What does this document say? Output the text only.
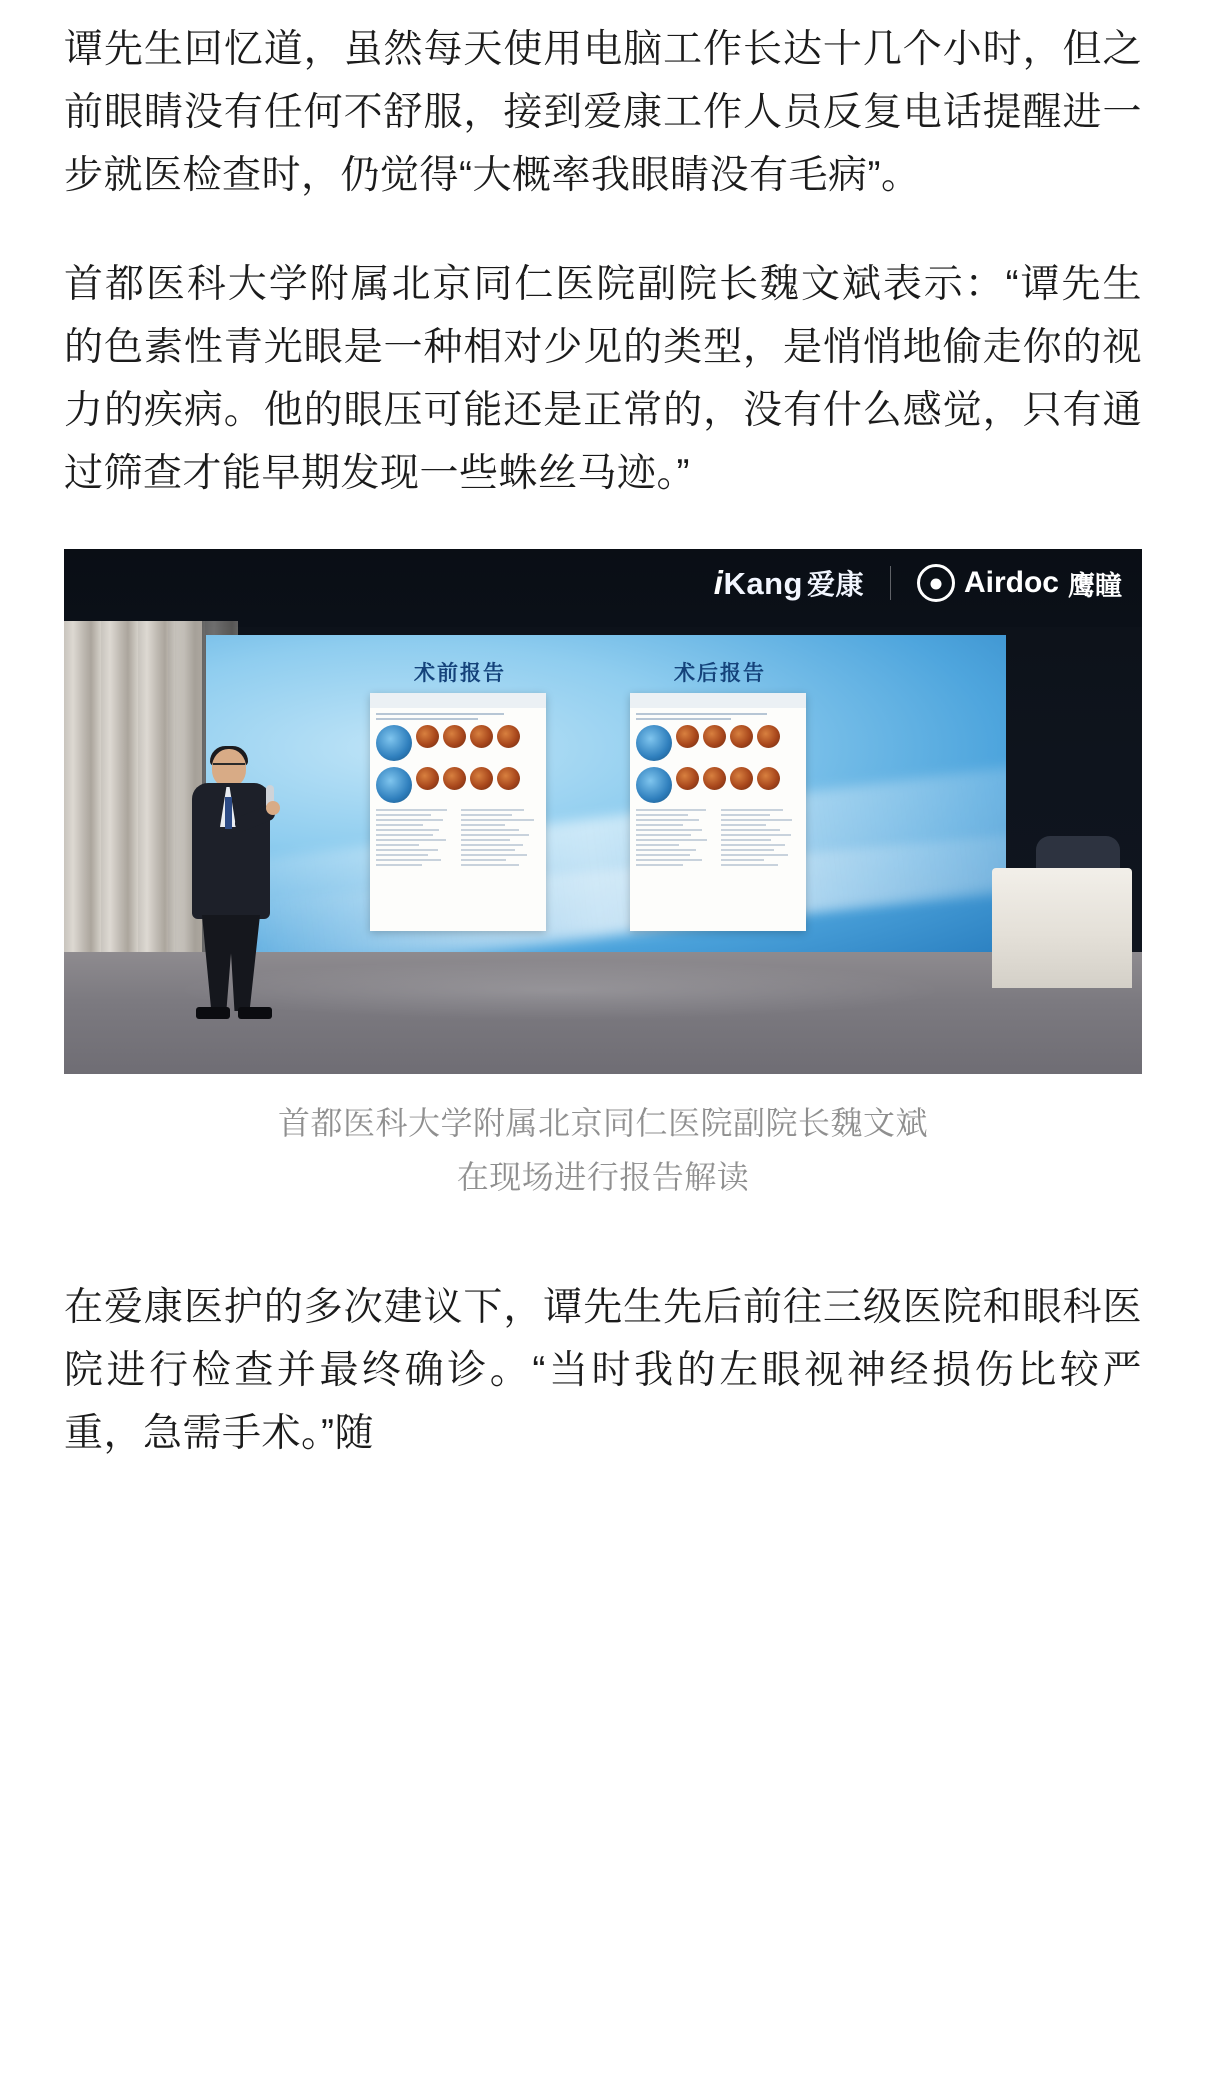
谭先生回忆道，虽然每天使用电脑工作长达十几个小时，但之前眼睛没有任何不舒服，接到爱康工作人员反复电话提醒进一步就医检查时，仍觉得“大概率我眼睛没有毛病”。

首都医科大学附属北京同仁医院副院长魏文斌表示：“谭先生的色素性青光眼是一种相对少见的类型，是悄悄地偷走你的视力的疾病。他的眼压可能还是正常的，没有什么感觉，只有通过筛查才能早期发现一些蛛丝马迹。”

i Kang 爱康	Airdoc 鹰瞳
术前报告	术后报告
首都医科大学附属北京同仁医院副院长魏文斌
在现场进行报告解读

在爱康医护的多次建议下，谭先生先后前往三级医院和眼科医院进行检查并最终确诊。“当时我的左眼视神经损伤比较严重，急需手术。”随
